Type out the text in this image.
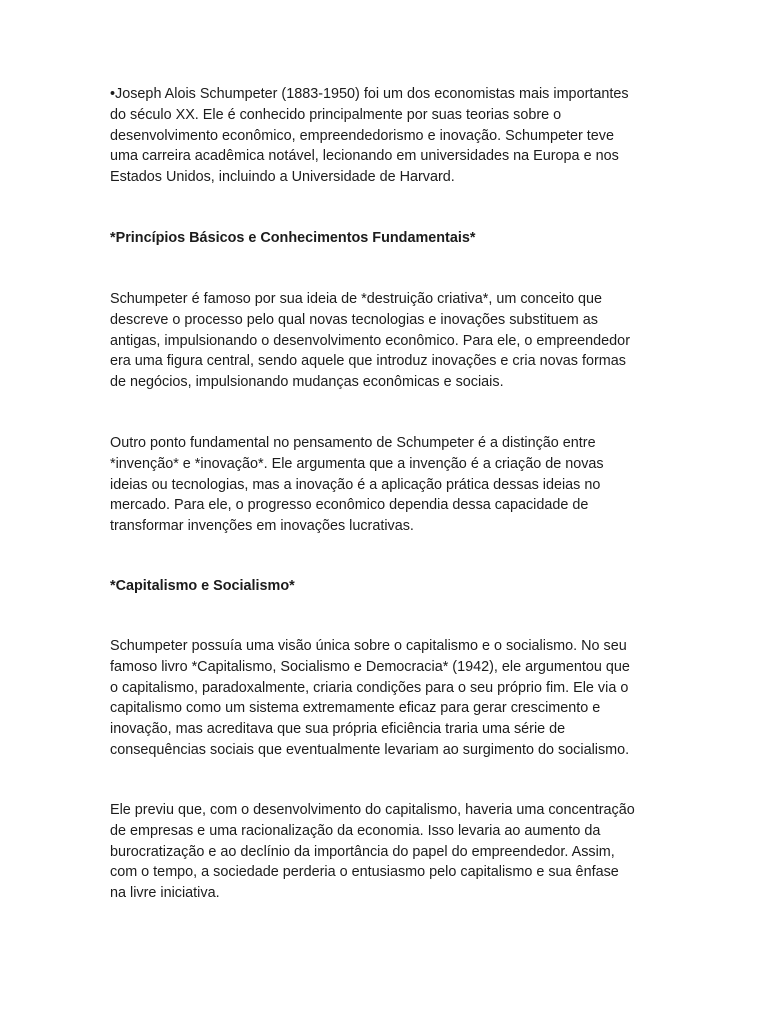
•Joseph Alois Schumpeter (1883-1950) foi um dos economistas mais importantes
do século XX. Ele é conhecido principalmente por suas teorias sobre o
desenvolvimento econômico, empreendedorismo e inovação. Schumpeter teve
uma carreira acadêmica notável, lecionando em universidades na Europa e nos
Estados Unidos, incluindo a Universidade de Harvard.

*Princípios Básicos e Conhecimentos Fundamentais*

Schumpeter é famoso por sua ideia de *destruição criativa*, um conceito que
descreve o processo pelo qual novas tecnologias e inovações substituem as
antigas, impulsionando o desenvolvimento econômico. Para ele, o empreendedor
era uma figura central, sendo aquele que introduz inovações e cria novas formas
de negócios, impulsionando mudanças econômicas e sociais.

Outro ponto fundamental no pensamento de Schumpeter é a distinção entre
*invenção* e *inovação*. Ele argumenta que a invenção é a criação de novas
ideias ou tecnologias, mas a inovação é a aplicação prática dessas ideias no
mercado. Para ele, o progresso econômico dependia dessa capacidade de
transformar invenções em inovações lucrativas.

*Capitalismo e Socialismo*

Schumpeter possuía uma visão única sobre o capitalismo e o socialismo. No seu
famoso livro *Capitalismo, Socialismo e Democracia* (1942), ele argumentou que
o capitalismo, paradoxalmente, criaria condições para o seu próprio fim. Ele via o
capitalismo como um sistema extremamente eficaz para gerar crescimento e
inovação, mas acreditava que sua própria eficiência traria uma série de
consequências sociais que eventualmente levariam ao surgimento do socialismo.

Ele previu que, com o desenvolvimento do capitalismo, haveria uma concentração
de empresas e uma racionalização da economia. Isso levaria ao aumento da
burocratização e ao declínio da importância do papel do empreendedor. Assim,
com o tempo, a sociedade perderia o entusiasmo pelo capitalismo e sua ênfase
na livre iniciativa.
